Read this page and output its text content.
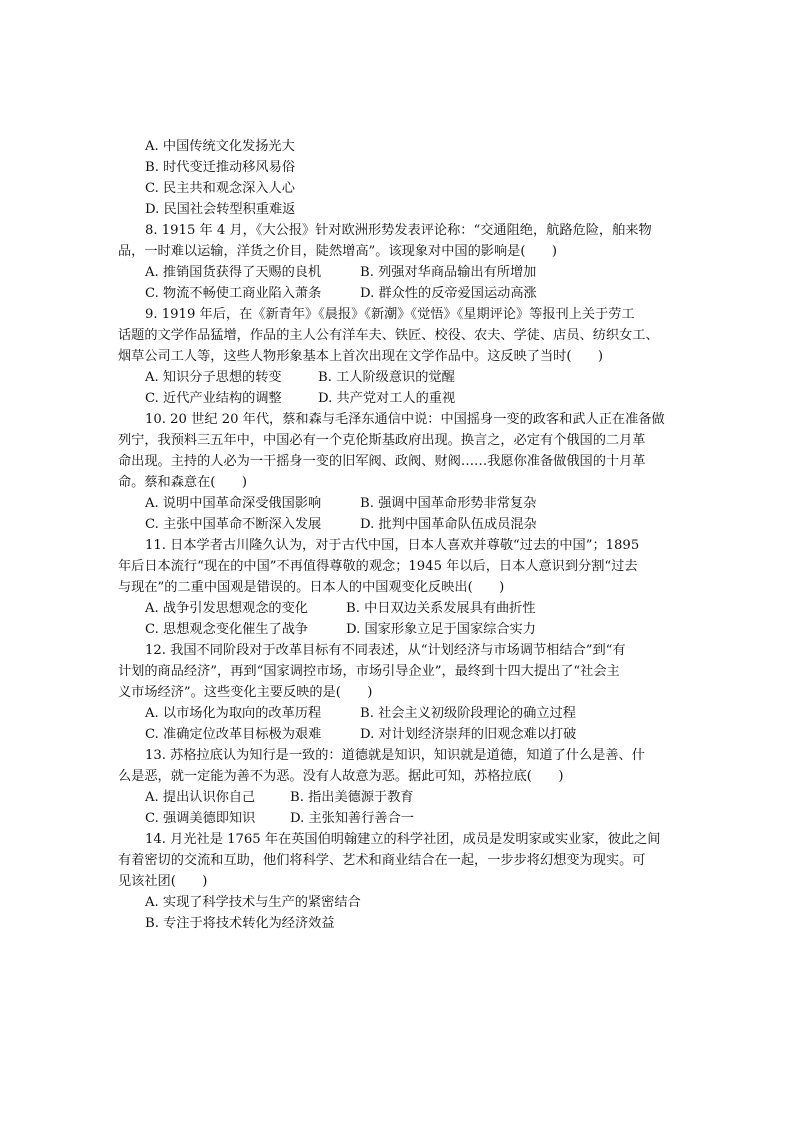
A. 中国传统文化发扬光大
B. 时代变迁推动移风易俗
C. 民主共和观念深入人心
D. 民国社会转型积重难返
8. 1915 年 4 月，《大公报》针对欧洲形势发表评论称：“交通阻绝，航路危险，舶来物
品，一时难以运输，洋货之价目，陡然增高”。该现象对中国的影响是(　　)
A. 推销国货获得了天赐的良机	B. 列强对华商品输出有所增加
C. 物流不畅使工商业陷入萧条	D. 群众性的反帝爱国运动高涨
9. 1919 年后，在《新青年》《晨报》《新潮》《觉悟》《星期评论》等报刊上关于劳工
话题的文学作品猛增，作品的主人公有洋车夫、铁匠、校役、农夫、学徒、店员、纺织女工、
烟草公司工人等，这些人物形象基本上首次出现在文学作品中。这反映了当时(　　)
A. 知识分子思想的转变	B. 工人阶级意识的觉醒
C. 近代产业结构的调整	D. 共产党对工人的重视
10. 20 世纪 20 年代，蔡和森与毛泽东通信中说：中国摇身一变的政客和武人正在准备做
列宁，我预料三五年中，中国必有一个克伦斯基政府出现。换言之，必定有个俄国的二月革
命出现。主持的人必为一干摇身一变的旧军阀、政阀、财阀……我愿你准备做俄国的十月革
命。蔡和森意在(　　)
A. 说明中国革命深受俄国影响	B. 强调中国革命形势非常复杂
C. 主张中国革命不断深入发展	D. 批判中国革命队伍成员混杂
11. 日本学者古川隆久认为，对于古代中国，日本人喜欢并尊敬“过去的中国”；1895
年后日本流行“现在的中国”不再值得尊敬的观念；1945 年以后，日本人意识到分割“过去
与现在”的二重中国观是错误的。日本人的中国观变化反映出(　　)
A. 战争引发思想观念的变化	B. 中日双边关系发展具有曲折性
C. 思想观念变化催生了战争	D. 国家形象立足于国家综合实力
12. 我国不同阶段对于改革目标有不同表述，从“计划经济与市场调节相结合”到“有
计划的商品经济”，再到“国家调控市场，市场引导企业”，最终到十四大提出了“社会主
义市场经济”。这些变化主要反映的是(　　)
A. 以市场化为取向的改革历程	B. 社会主义初级阶段理论的确立过程
C. 准确定位改革目标极为艰难	D. 对计划经济崇拜的旧观念难以打破
13. 苏格拉底认为知行是一致的：道德就是知识，知识就是道德，知道了什么是善、什
么是恶，就一定能为善不为恶。没有人故意为恶。据此可知，苏格拉底(　　)
A. 提出认识你自己	B. 指出美德源于教育
C. 强调美德即知识	D. 主张知善行善合一
14. 月光社是 1765 年在英国伯明翰建立的科学社团，成员是发明家或实业家，彼此之间
有着密切的交流和互助，他们将科学、艺术和商业结合在一起，一步步将幻想变为现实。可
见该社团(　　)
A. 实现了科学技术与生产的紧密结合
B. 专注于将技术转化为经济效益
